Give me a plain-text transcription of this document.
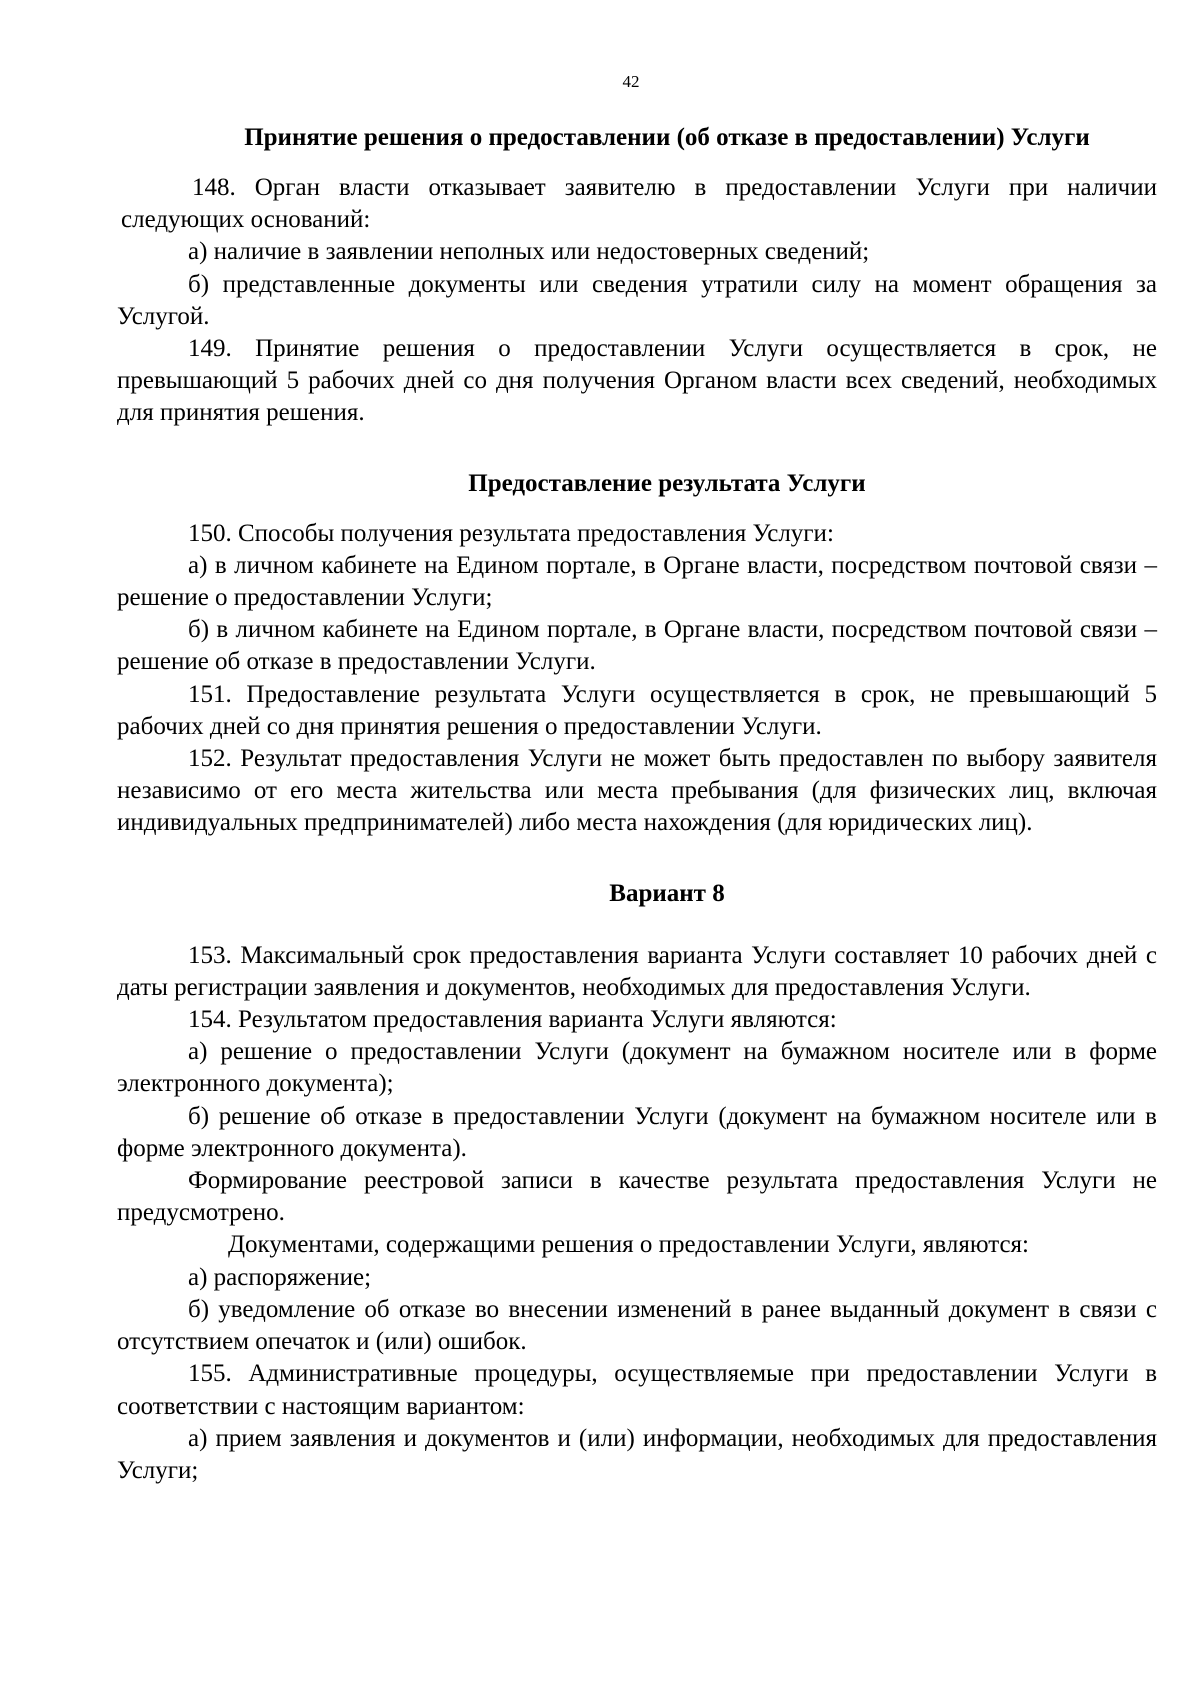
42
Принятие решения о предоставлении (об отказе в предоставлении) Услуги

148. Орган власти отказывает заявителю в предоставлении Услуги при наличии следующих оснований:

а) наличие в заявлении неполных или недостоверных сведений;

б) представленные документы или сведения утратили силу на момент обращения за Услугой.

149. Принятие решения о предоставлении Услуги осуществляется в срок, не превышающий 5 рабочих дней со дня получения Органом власти всех сведений, необходимых для принятия решения.

Предоставление результата Услуги

150. Способы получения результата предоставления Услуги:

а) в личном кабинете на Едином портале, в Органе власти, посредством почтовой связи – решение о предоставлении Услуги;

б) в личном кабинете на Едином портале, в Органе власти, посредством почтовой связи – решение об отказе в предоставлении Услуги.

151. Предоставление результата Услуги осуществляется в срок, не превышающий 5 рабочих дней со дня принятия решения о предоставлении Услуги.

152. Результат предоставления Услуги не может быть предоставлен по выбору заявителя независимо от его места жительства или места пребывания (для физических лиц, включая индивидуальных предпринимателей) либо места нахождения (для юридических лиц).

Вариант 8

153. Максимальный срок предоставления варианта Услуги составляет 10 рабочих дней с даты регистрации заявления и документов, необходимых для предоставления Услуги.

154. Результатом предоставления варианта Услуги являются:

а) решение о предоставлении Услуги (документ на бумажном носителе или в форме электронного документа);

б) решение об отказе в предоставлении Услуги (документ на бумажном носителе или в форме электронного документа).

Формирование реестровой записи в качестве результата предоставления Услуги не предусмотрено.

Документами, содержащими решения о предоставлении Услуги, являются:

а) распоряжение;

б) уведомление об отказе во внесении изменений в ранее выданный документ в связи с отсутствием опечаток и (или) ошибок.

155. Административные процедуры, осуществляемые при предоставлении Услуги в соответствии с настоящим вариантом:

а) прием заявления и документов и (или) информации, необходимых для предоставления Услуги;
